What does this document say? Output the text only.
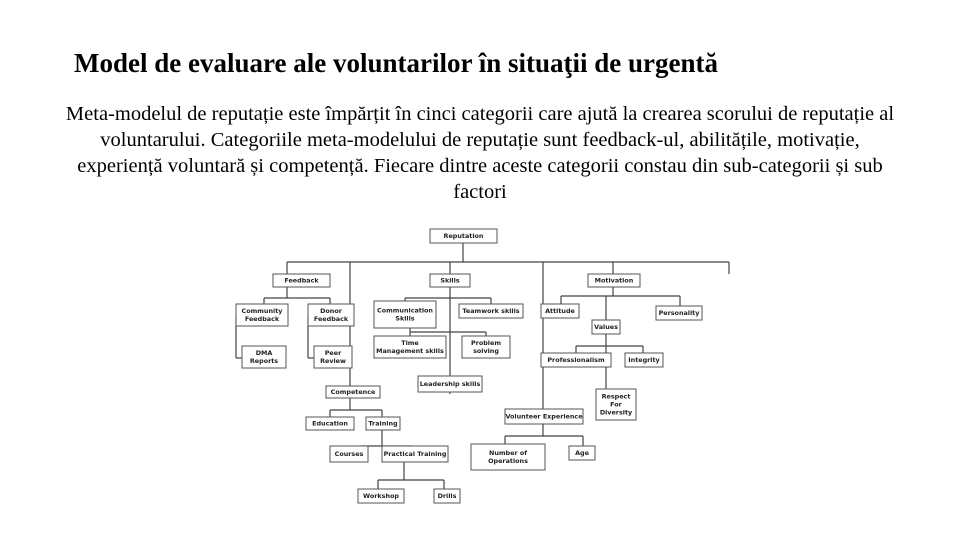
Model de evaluare ale voluntarilor în situaţii de urgentă

Meta-modelul de reputație este împărțit în cinci categorii care ajută la crearea scorului de reputație al voluntarului. Categoriile meta-modelului de reputație sunt feedback-ul, abilitățile, motivație, experiență voluntară și competență. Fiecare dintre aceste categorii constau din sub-categorii și sub factori

Reputation
Feedback	Skills	Motivation
Community
Feedback
Donor
Feedback
DMA
Reports
Peer
Review
Communication
Skills
Teamwork skills
Time
Management skills
Problem
solving
Leadership skills
Attitude	Personality
Values
Professionalism	Integrity
Respect
For
Diversity
Competence
Education	Training
Courses	Practical Training
Workshop	Drills
Volunteer Experience
Number of
Operations
Age
